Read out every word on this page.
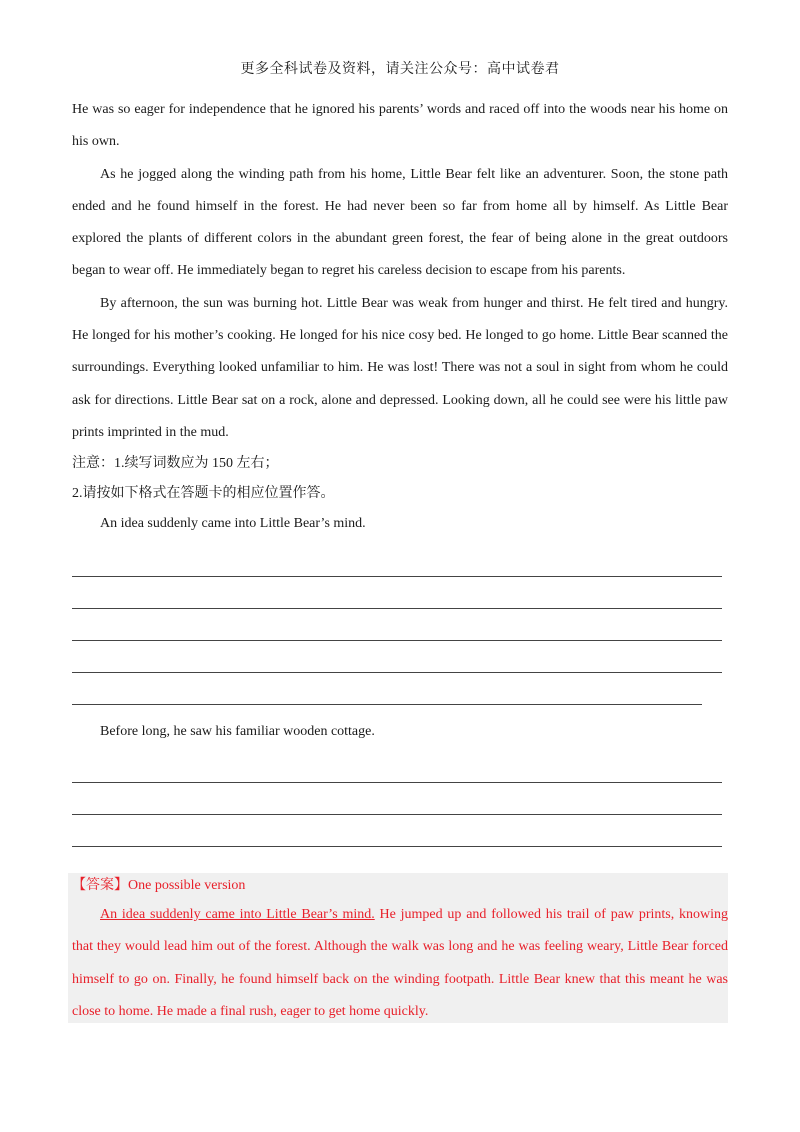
更多全科试卷及资料，请关注公众号：高中试卷君

He was so eager for independence that he ignored his parents’ words and raced off into the woods near his home on his own.

As he jogged along the winding path from his home, Little Bear felt like an adventurer. Soon, the stone path ended and he found himself in the forest. He had never been so far from home all by himself. As Little Bear explored the plants of different colors in the abundant green forest, the fear of being alone in the great outdoors began to wear off. He immediately began to regret his careless decision to escape from his parents.

By afternoon, the sun was burning hot. Little Bear was weak from hunger and thirst. He felt tired and hungry. He longed for his mother’s cooking. He longed for his nice cosy bed. He longed to go home. Little Bear scanned the surroundings. Everything looked unfamiliar to him. He was lost! There was not a soul in sight from whom he could ask for directions. Little Bear sat on a rock, alone and depressed. Looking down, all he could see were his little paw prints imprinted in the mud.

注意：1.续写词数应为 150 左右；

2.请按如下格式在答题卡的相应位置作答。

An idea suddenly came into Little Bear’s mind.

Before long, he saw his familiar wooden cottage.

【答案】One possible version

An idea suddenly came into Little Bear’s mind. He jumped up and followed his trail of paw prints, knowing that they would lead him out of the forest. Although the walk was long and he was feeling weary, Little Bear forced himself to go on. Finally, he found himself back on the winding footpath. Little Bear knew that this meant he was close to home. He made a final rush, eager to get home quickly.
